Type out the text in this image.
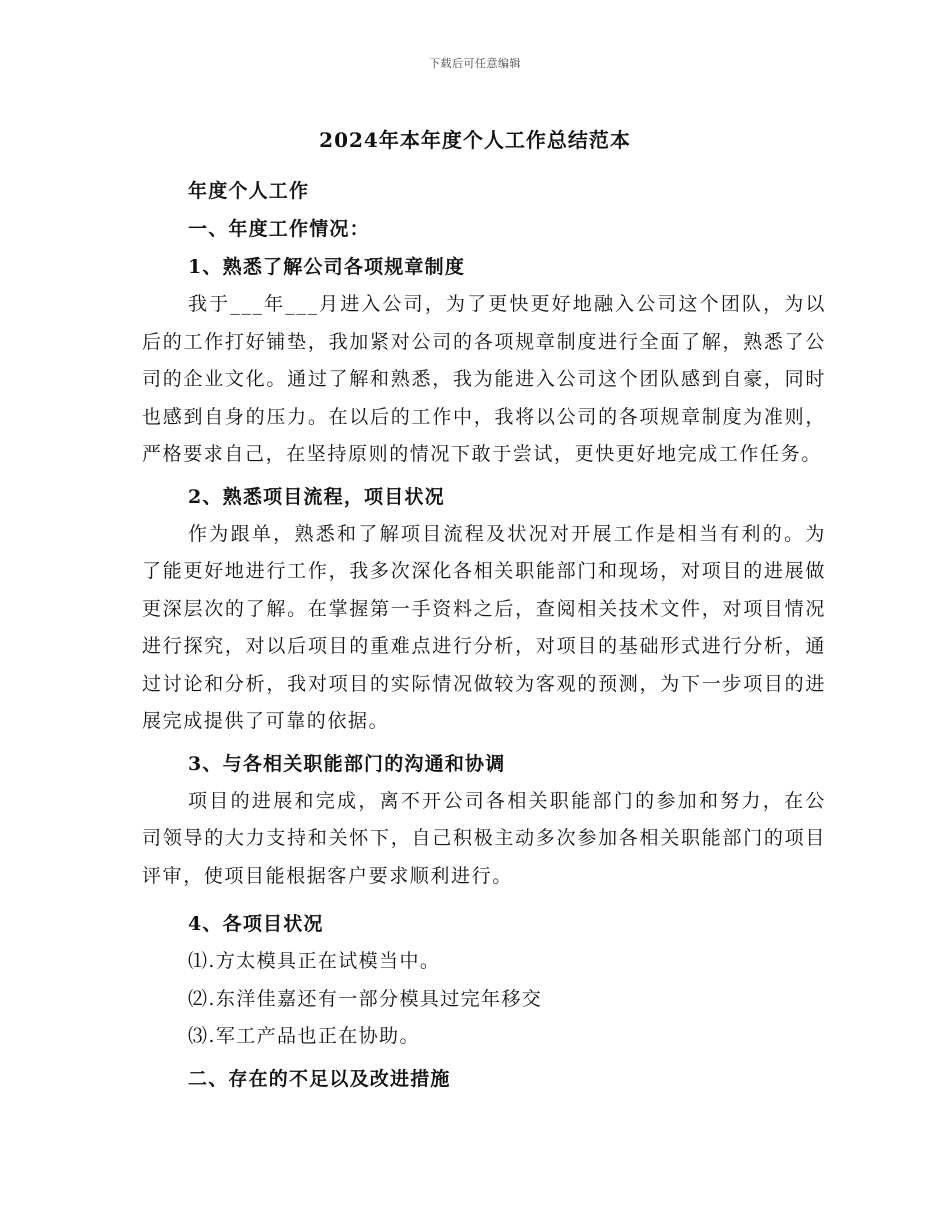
下载后可任意编辑
2024年本年度个人工作总结范本
年度个人工作
一、年度工作情况：
1、熟悉了解公司各项规章制度

我于___年___月进入公司，为了更快更好地融入公司这个团队，为以后的工作打好铺垫，我加紧对公司的各项规章制度进行全面了解，熟悉了公司的企业文化。通过了解和熟悉，我为能进入公司这个团队感到自豪，同时也感到自身的压力。在以后的工作中，我将以公司的各项规章制度为准则，严格要求自己，在坚持原则的情况下敢于尝试，更快更好地完成工作任务。

2、熟悉项目流程，项目状况

作为跟单，熟悉和了解项目流程及状况对开展工作是相当有利的。为了能更好地进行工作，我多次深化各相关职能部门和现场，对项目的进展做更深层次的了解。在掌握第一手资料之后，查阅相关技术文件，对项目情况进行探究，对以后项目的重难点进行分析，对项目的基础形式进行分析，通过讨论和分析，我对项目的实际情况做较为客观的预测，为下一步项目的进展完成提供了可靠的依据。

3、与各相关职能部门的沟通和协调

项目的进展和完成，离不开公司各相关职能部门的参加和努力，在公司领导的大力支持和关怀下，自己积极主动多次参加各相关职能部门的项目评审，使项目能根据客户要求顺利进行。

4、各项目状况
⑴.方太模具正在试模当中。
⑵.东洋佳嘉还有一部分模具过完年移交
⑶.军工产品也正在协助。
二、存在的不足以及改进措施
